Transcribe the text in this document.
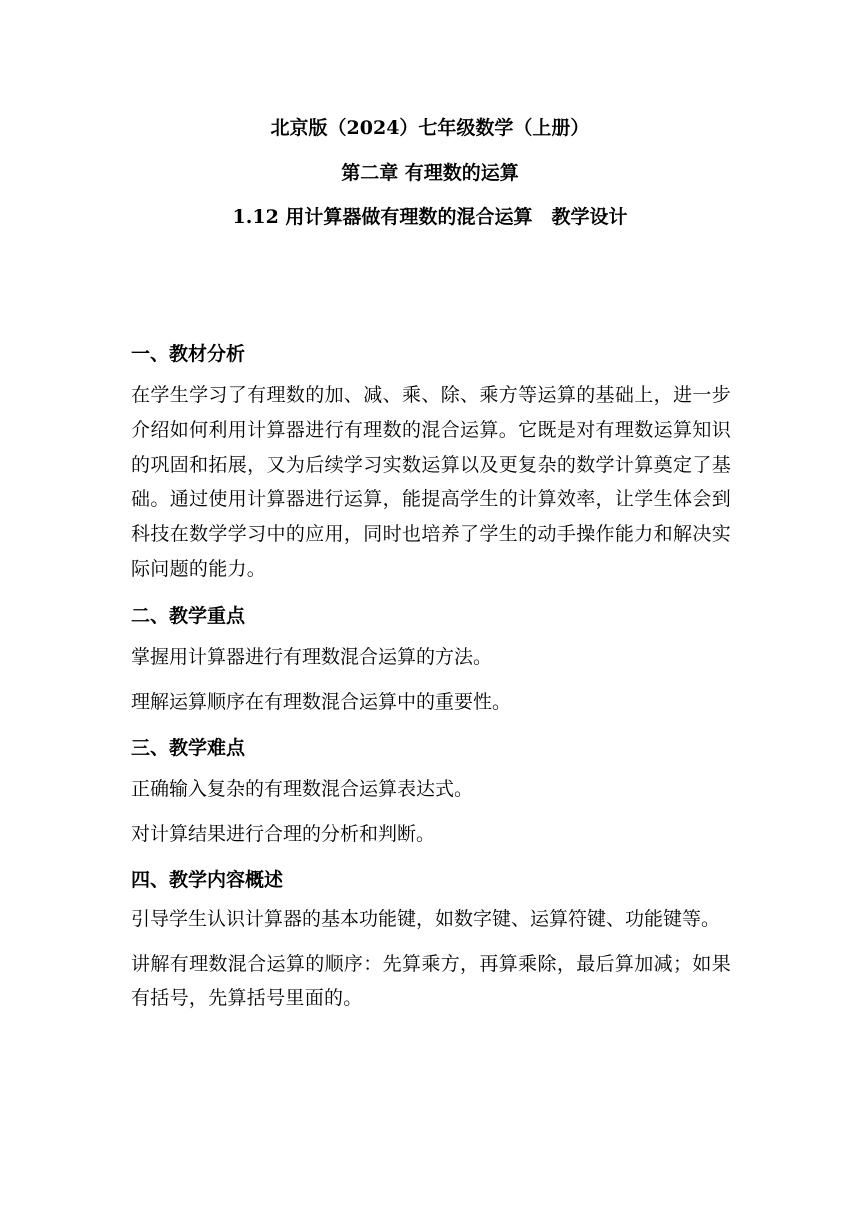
北京版（2024）七年级数学（上册）
第二章 有理数的运算
1.12 用计算器做有理数的混合运算　教学设计
一、教材分析

在学生学习了有理数的加、减、乘、除、乘方等运算的基础上，进一步介绍如何利用计算器进行有理数的混合运算。它既是对有理数运算知识的巩固和拓展，又为后续学习实数运算以及更复杂的数学计算奠定了基础。通过使用计算器进行运算，能提高学生的计算效率，让学生体会到科技在数学学习中的应用，同时也培养了学生的动手操作能力和解决实际问题的能力。

二、教学重点

掌握用计算器进行有理数混合运算的方法。

理解运算顺序在有理数混合运算中的重要性。

三、教学难点

正确输入复杂的有理数混合运算表达式。

对计算结果进行合理的分析和判断。

四、教学内容概述

引导学生认识计算器的基本功能键，如数字键、运算符键、功能键等。

讲解有理数混合运算的顺序：先算乘方，再算乘除，最后算加减；如果有括号，先算括号里面的。
